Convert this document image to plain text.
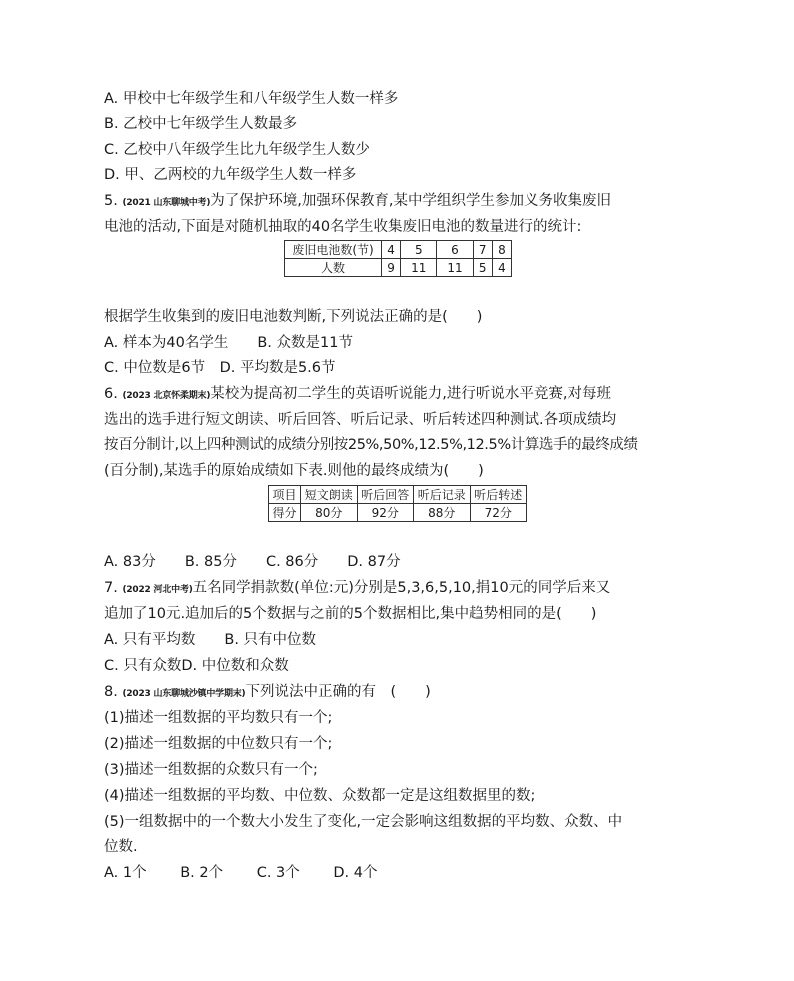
A. 甲校中七年级学生和八年级学生人数一样多
B. 乙校中七年级学生人数最多
C. 乙校中八年级学生比九年级学生人数少
D. 甲、乙两校的九年级学生人数一样多
5. (2021 山东聊城中考)为了保护环境,加强环保教育,某中学组织学生参加义务收集废旧
电池的活动,下面是对随机抽取的40名学生收集废旧电池的数量进行的统计:
废旧电池数(节)	4	5	6	7	8
人数	9	11	11	5	4
根据学生收集到的废旧电池数判断,下列说法正确的是(　　)
A. 样本为40名学生　　B. 众数是11节
C. 中位数是6节　D. 平均数是5.6节
6. (2023 北京怀柔期末)某校为提高初二学生的英语听说能力,进行听说水平竞赛,对每班
选出的选手进行短文朗读、听后回答、听后记录、听后转述四种测试.各项成绩均
按百分制计,以上四种测试的成绩分别按25%,50%,12.5%,12.5%计算选手的最终成绩
(百分制),某选手的原始成绩如下表.则他的最终成绩为(　　)
项目	短文朗读	听后回答	听后记录	听后转述
得分	80分	92分	88分	72分
A. 83分　　B. 85分　　C. 86分　　D. 87分
7. (2022 河北中考)五名同学捐款数(单位:元)分别是5,3,6,5,10,捐10元的同学后来又
追加了10元.追加后的5个数据与之前的5个数据相比,集中趋势相同的是(　　)
A. 只有平均数　　B. 只有中位数
C. 只有众数D. 中位数和众数
8. (2023 山东聊城沙镇中学期末)下列说法中正确的有　(　　)
(1)描述一组数据的平均数只有一个;
(2)描述一组数据的中位数只有一个;
(3)描述一组数据的众数只有一个;
(4)描述一组数据的平均数、中位数、众数都一定是这组数据里的数;
(5)一组数据中的一个数大小发生了变化,一定会影响这组数据的平均数、众数、中
位数.
A. 1个　　 B. 2个　　 C. 3个　　 D. 4个
